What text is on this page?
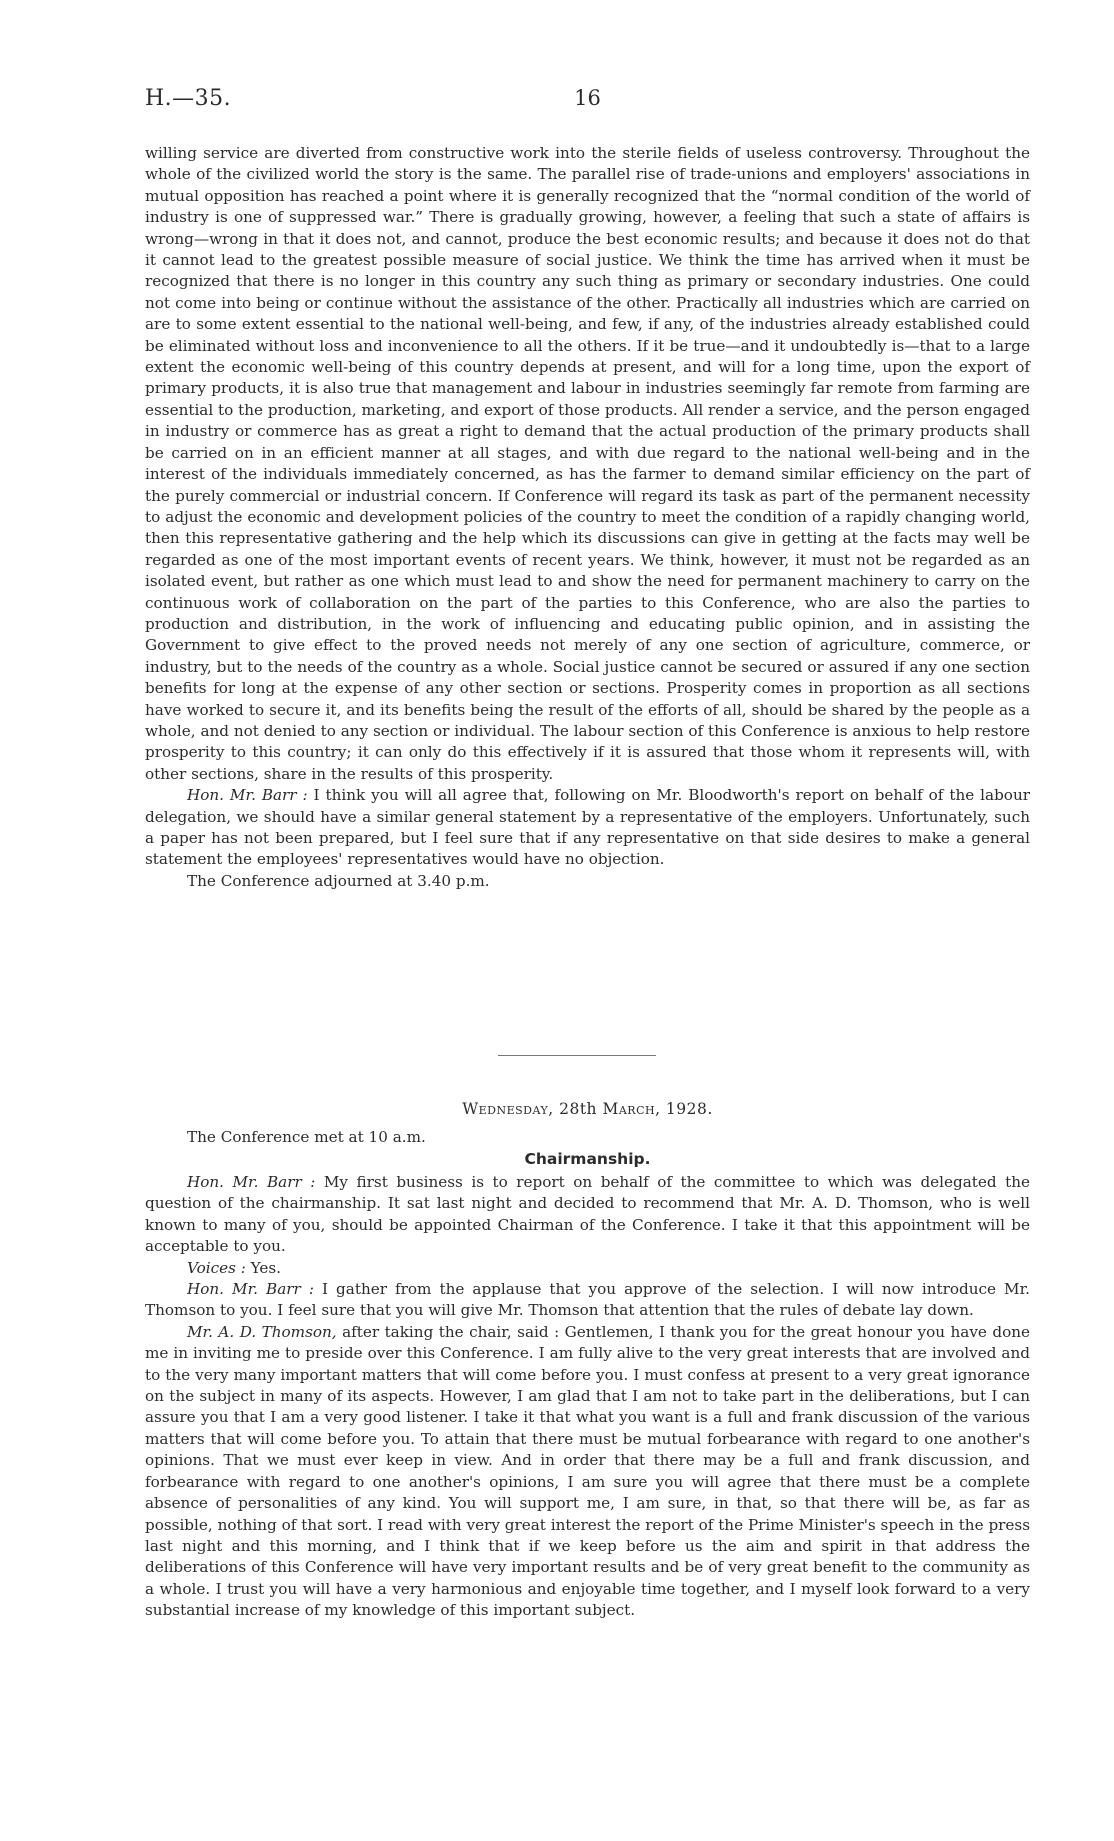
H.—35.	16

willing service are diverted from constructive work into the sterile fields of useless controversy. Throughout the whole of the civilized world the story is the same. The parallel rise of trade-unions and employers' associations in mutual opposition has reached a point where it is generally recognized that the “normal condition of the world of industry is one of suppressed war.” There is gradually growing, however, a feeling that such a state of affairs is wrong—wrong in that it does not, and cannot, produce the best economic results; and because it does not do that it cannot lead to the greatest possible measure of social justice. We think the time has arrived when it must be recognized that there is no longer in this country any such thing as primary or secondary industries. One could not come into being or continue without the assistance of the other. Practically all industries which are carried on are to some extent essential to the national well-being, and few, if any, of the industries already established could be eliminated without loss and inconvenience to all the others. If it be true—and it undoubtedly is—that to a large extent the economic well-being of this country depends at present, and will for a long time, upon the export of primary products, it is also true that management and labour in industries seemingly far remote from farming are essential to the production, marketing, and export of those products. All render a service, and the person engaged in industry or commerce has as great a right to demand that the actual production of the primary products shall be carried on in an efficient manner at all stages, and with due regard to the national well-being and in the interest of the individuals immediately concerned, as has the farmer to demand similar efficiency on the part of the purely commercial or industrial concern. If Conference will regard its task as part of the permanent necessity to adjust the economic and development policies of the country to meet the condition of a rapidly changing world, then this representative gathering and the help which its discussions can give in getting at the facts may well be regarded as one of the most important events of recent years. We think, however, it must not be regarded as an isolated event, but rather as one which must lead to and show the need for permanent machinery to carry on the continuous work of collaboration on the part of the parties to this Conference, who are also the parties to production and distribution, in the work of influencing and educating public opinion, and in assisting the Government to give effect to the proved needs not merely of any one section of agriculture, commerce, or industry, but to the needs of the country as a whole. Social justice cannot be secured or assured if any one section benefits for long at the expense of any other section or sections. Prosperity comes in proportion as all sections have worked to secure it, and its benefits being the result of the efforts of all, should be shared by the people as a whole, and not denied to any section or individual. The labour section of this Conference is anxious to help restore prosperity to this country; it can only do this effectively if it is assured that those whom it represents will, with other sections, share in the results of this prosperity.

Hon. Mr. Barr : I think you will all agree that, following on Mr. Bloodworth's report on behalf of the labour delegation, we should have a similar general statement by a representative of the employers. Unfortunately, such a paper has not been prepared, but I feel sure that if any representative on that side desires to make a general statement the employees' representatives would have no objection.

The Conference adjourned at 3.40 p.m.

Wednesday, 28th March, 1928.
The Conference met at 10 a.m.
Chairmanship.

Hon. Mr. Barr : My first business is to report on behalf of the committee to which was delegated the question of the chairmanship. It sat last night and decided to recommend that Mr. A. D. Thomson, who is well known to many of you, should be appointed Chairman of the Conference. I take it that this appointment will be acceptable to you.

Voices : Yes.

Hon. Mr. Barr : I gather from the applause that you approve of the selection. I will now introduce Mr. Thomson to you. I feel sure that you will give Mr. Thomson that attention that the rules of debate lay down.

Mr. A. D. Thomson, after taking the chair, said : Gentlemen, I thank you for the great honour you have done me in inviting me to preside over this Conference. I am fully alive to the very great interests that are involved and to the very many important matters that will come before you. I must confess at present to a very great ignorance on the subject in many of its aspects. However, I am glad that I am not to take part in the deliberations, but I can assure you that I am a very good listener. I take it that what you want is a full and frank discussion of the various matters that will come before you. To attain that there must be mutual forbearance with regard to one another's opinions. That we must ever keep in view. And in order that there may be a full and frank discussion, and forbearance with regard to one another's opinions, I am sure you will agree that there must be a complete absence of personalities of any kind. You will support me, I am sure, in that, so that there will be, as far as possible, nothing of that sort. I read with very great interest the report of the Prime Minister's speech in the press last night and this morning, and I think that if we keep before us the aim and spirit in that address the deliberations of this Conference will have very important results and be of very great benefit to the community as a whole. I trust you will have a very harmonious and enjoyable time together, and I myself look forward to a very substantial increase of my knowledge of this important subject.
